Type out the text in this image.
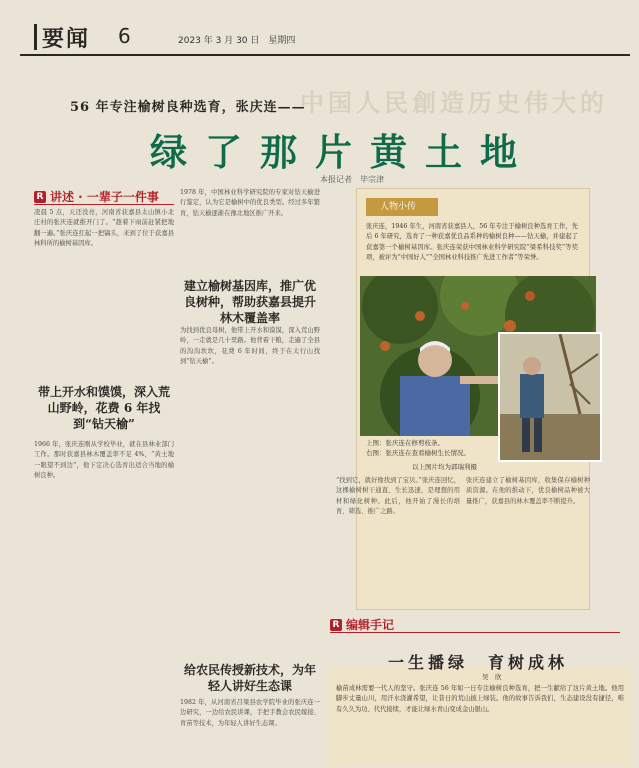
要闻 6	2023 年 3 月 30 日　星期四
中国人民創造历史伟大的
56 年专注榆树良种选育，张庆连——
绿了那片黄土地
本报记者　毕宗津
R 讲述 · 一辈子一件事
凌晨 5 点，天还没亮，河南省获嘉县太山镇小北庄村的张庆连就推开门了。“趁着下雨前赶紧把地翻一遍。”张庆连扛起一把镐头，来到了位于获嘉县林科所的榆树基因库。
带上开水和馍馍，深入荒山野岭，花费 6 年找到“钻天榆”
1966 年，张庆连刚从学校毕业，就在县林业部门工作。那时获嘉县林木覆盖率不足 4%，“黄土地一眼望不到边”，他下定决心选育出适合当地的榆树良种。
1978 年，中国林业科学研究院的专家对钻天榆进行鉴定，认为它是榆树中的优良类型。经过多年繁育，钻天榆逐渐在豫北地区推广开来。
建立榆树基因库，推广优良树种，帮助获嘉县提升林木覆盖率
为找到优良母树，他带上开水和馍馍，深入荒山野岭，一走就是几十里路。他背着干粮，走遍了全县的沟沟坎坎，花费 6 年时间，终于在太行山找到“钻天榆”。
给农民传授新技术，为年轻人讲好生态课
1982 年，从河南省吕梁县农学院毕业的张庆连一边研究，一边给农民讲课，手把手教会农民嫁接、育苗等技术，为年轻人讲好生态课。
人物小传
张庆连，1946 年生，河南省获嘉县人，56 年专注于榆树良种选育工作，先后 6 年研究，选育了一种获嘉优良品系种的榆树良种——钻天榆，并建起了获嘉第一个榆树基因库。张庆连荣获中国林业科学研究院“梁希科技奖”等奖项，被评为“中国好人”“全国林业科技推广先进工作者”等荣誉。
上图：张庆连在修剪枝条。
右图：张庆连在查看榆树生长情况。
以上图片均为郭瑞利摄
“找到它，就好像找到了宝贝。”张庆连回忆，这棵榆树树干通直、生长迅速，是理想的用材和绿化树种。此后，他开始了漫长的培育、筛选、推广之路。
张庆连建立了榆树基因库，收集保存榆树种质资源。在他的推动下，优良榆树品种被大量推广，获嘉县的林木覆盖率不断提升。
R 编辑手记
一生播绿　育树成林
吴　欣
榆苗成林需要一代人的坚守。张庆连 56 年如一日专注榆树良种选育，把一生献给了这片黄土地。他用脚步丈量山川，用汗水浇灌希望，让昔日的荒山披上绿装。他的故事告诉我们，生态建设没有捷径，唯有久久为功、代代接续，才能让绿水青山变成金山银山。
